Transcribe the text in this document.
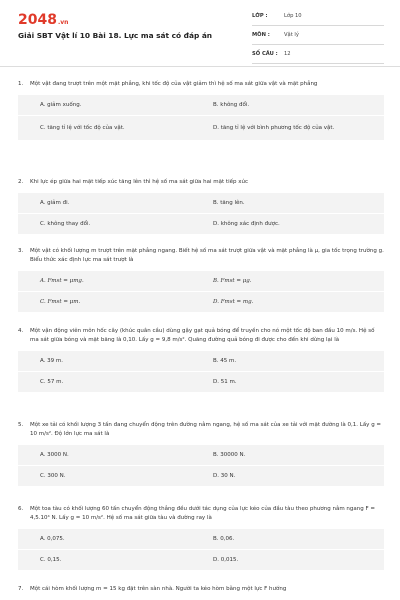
2048.vn
Giải SBT Vật lí 10 Bài 18. Lực ma sát có đáp án
LỚP :	Lớp 10
MÔN :	Vật lý
SỐ CÂU : 12
1. Một vật đang trượt trên một mặt phẳng, khi tốc độ của vật giảm thì hệ số ma sát giữa vật và mặt phẳng
A. giảm xuống.	B. không đổi.
C. tăng tỉ lệ với tốc độ của vật.	D. tăng tỉ lệ với bình phương tốc độ của vật.
2. Khi lực ép giữa hai mặt tiếp xúc tăng lên thì hệ số ma sát giữa hai mặt tiếp xúc
A. giảm đi.	B. tăng lên.
C. không thay đổi.	D. không xác định được.
3. Một vật có khối lượng m trượt trên mặt phẳng ngang. Biết hệ số ma sát trượt giữa vật và mặt phẳng là μ, gia tốc trọng trường g. Biểu thức xác định lực ma sát trượt là
A. Fmst = μmg.	B. Fmst = μg.
C. Fmst = μm.	D. Fmst = mg.
4. Một vận động viên môn hốc cây (khúc quân cầu) dùng gậy gạt quả bóng để truyền cho nó một tốc độ ban đầu 10 m/s. Hệ số ma sát giữa bóng và mặt băng là 0,10. Lấy g = 9,8 m/s². Quãng đường quả bóng đi được cho đến khi dừng lại là
A. 39 m.	B. 45 m.
C. 57 m.	D. 51 m.
5. Một xe tải có khối lượng 3 tấn đang chuyển động trên đường nằm ngang, hệ số ma sát của xe tải với mặt đường là 0,1. Lấy g = 10 m/s². Độ lớn lực ma sát là
A. 3000 N.	B. 30000 N.
C. 300 N.	D. 30 N.
6. Một toa tàu có khối lượng 60 tấn chuyển động thẳng đều dưới tác dụng của lực kéo của đầu tàu theo phương nằm ngang F = 4,5.10⁴ N. Lấy g = 10 m/s². Hệ số ma sát giữa tàu và đường ray là
A. 0,075.	B. 0,06.
C. 0,15.	D. 0,015.
7. Một cái hòm khối lượng m = 15 kg đặt trên sàn nhà. Người ta kéo hòm bằng một lực F hướng
